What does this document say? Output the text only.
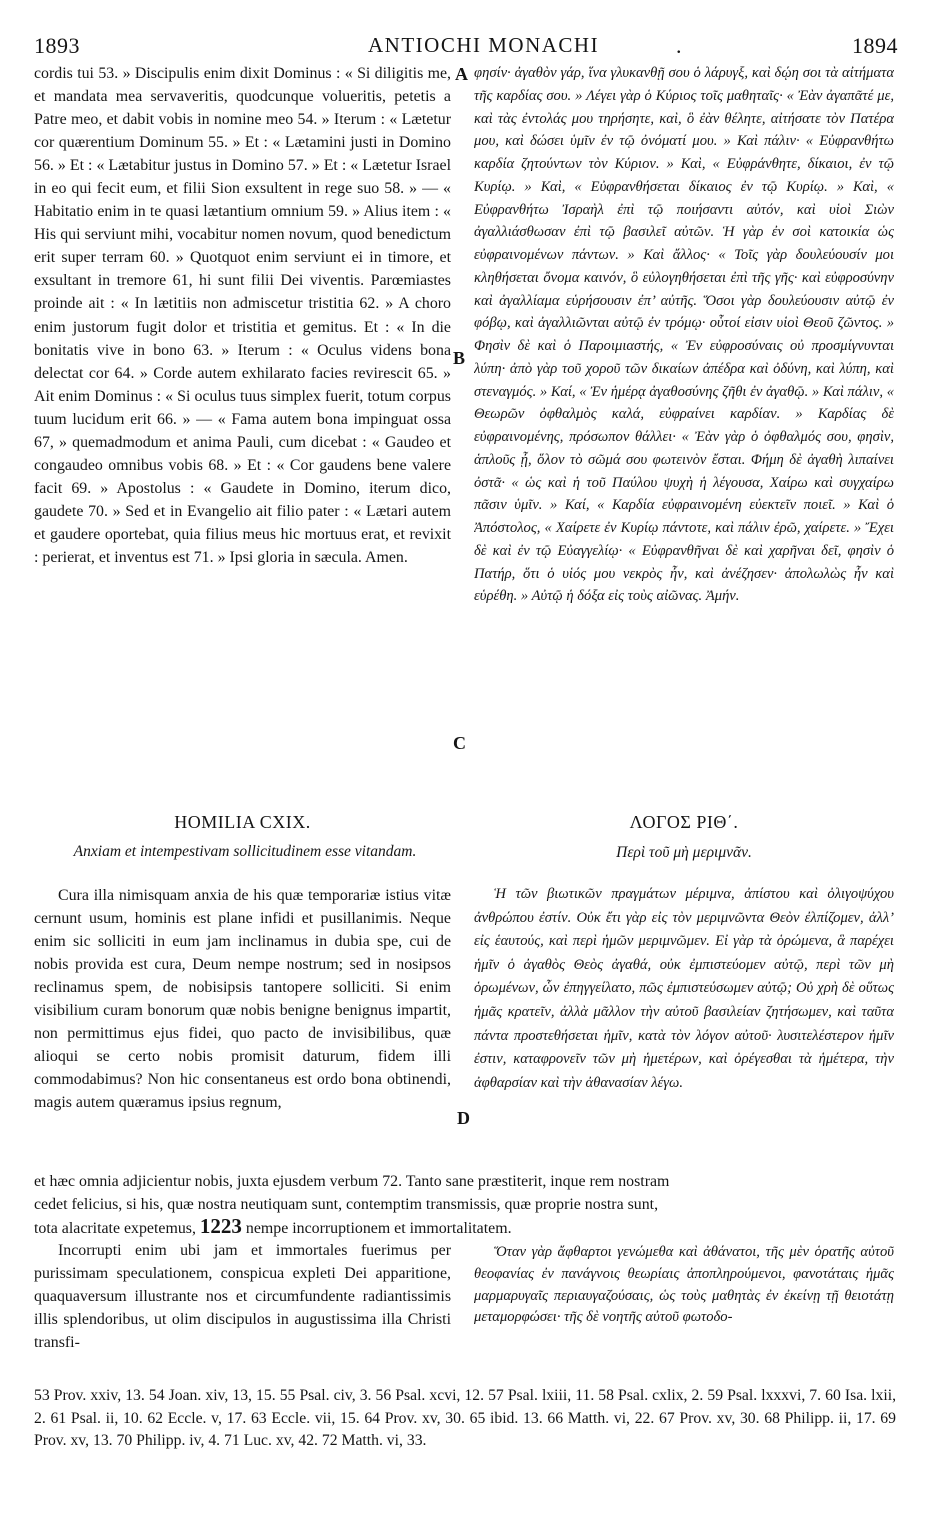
1893	ANTIOCHI MONACHI	.	1894
cordis tui 53. » Discipulis enim dixit Dominus : « Si diligitis me, et mandata mea servaveritis, quodcunque volueritis, petetis a Patre meo, et dabit vobis in nomine meo 54. » Iterum : « Lætetur cor quærentium Dominum 55. » Et : « Lætamini justi in Domino 56. » Et : « Lætabitur justus in Domino 57. » Et : « Lætetur Israel in eo qui fecit eum, et filii Sion exsultent in rege suo 58. » — « Habitatio enim in te quasi lætantium omnium 59. » Alius item : « His qui serviunt mihi, vocabitur nomen novum, quod benedictum erit super terram 60. » Quotquot enim serviunt ei in timore, et exsultant in tremore 61, hi sunt filii Dei viventis. Parœmiastes proinde ait : « In lætitiis non admiscetur tristitia 62. » A choro enim justorum fugit dolor et tristitia et gemitus. Et : « In die bonitatis vive in bono 63. » Iterum : « Oculus videns bona delectat cor 64. » Corde autem exhilarato facies revirescit 65. » Ait enim Dominus : « Si oculus tuus simplex fuerit, totum corpus tuum lucidum erit 66. » — « Fama autem bona impinguat ossa 67, » quemadmodum et anima Pauli, cum dicebat : « Gaudeo et congaudeo omnibus vobis 68. » Et : « Cor gaudens bene valere facit 69. » Apostolus : « Gaudete in Domino, iterum dico, gaudete 70. » Sed et in Evangelio ait filio pater : « Lætari autem et gaudere oportebat, quia filius meus hic mortuus erat, et revixit : perierat, et inventus est 71. » Ipsi gloria in sæcula. Amen.
A
B
C
D
φησίν· ἀγαθὸν γάρ, ἵνα γλυκανθῇ σου ὁ λάρυγξ, καὶ δῴη σοι τὰ αἰτήματα τῆς καρδίας σου. » Λέγει γὰρ ὁ Κύριος τοῖς μαθηταῖς· « Ἐὰν ἀγαπᾶτέ με, καὶ τὰς ἐντολάς μου τηρήσητε, καὶ, ὃ ἐὰν θέλητε, αἰτήσατε τὸν Πατέρα μου, καὶ δώσει ὑμῖν ἐν τῷ ὀνόματί μου. » Καὶ πάλιν· « Εὐφρανθήτω καρδία ζητούντων τὸν Κύριον. » Καὶ, « Εὐφράνθητε, δίκαιοι, ἐν τῷ Κυρίῳ. » Καὶ, « Εὐφρανθήσεται δίκαιος ἐν τῷ Κυρίῳ. » Καὶ, « Εὐφρανθήτω Ἰσραὴλ ἐπὶ τῷ ποιήσαντι αὐτόν, καὶ υἱοὶ Σιὼν ἀγαλλιάσθωσαν ἐπὶ τῷ βασιλεῖ αὐτῶν. Ἡ γὰρ ἐν σοὶ κατοικία ὡς εὐφραινομένων πάντων. » Καὶ ἄλλος· « Τοῖς γὰρ δουλεύουσίν μοι κληθήσεται ὄνομα καινόν, ὃ εὐλογηθήσεται ἐπὶ τῆς γῆς· καὶ εὐφροσύνην καὶ ἀγαλλίαμα εὑρήσουσιν ἐπ’ αὐτῆς. Ὅσοι γὰρ δουλεύουσιν αὐτῷ ἐν φόβῳ, καὶ ἀγαλλιῶνται αὐτῷ ἐν τρόμῳ· οὗτοί εἰσιν υἱοὶ Θεοῦ ζῶντος. » Φησὶν δὲ καὶ ὁ Παροιμιαστής, « Ἐν εὐφροσύναις οὐ προσμίγνυνται λύπη· ἀπὸ γὰρ τοῦ χοροῦ τῶν δικαίων ἀπέδρα καὶ ὀδύνη, καὶ λύπη, καὶ στεναγμός. » Καί, « Ἐν ἡμέρᾳ ἀγαθοσύνης ζῆθι ἐν ἀγαθῷ. » Καὶ πάλιν, « Θεωρῶν ὀφθαλμὸς καλά, εὐφραίνει καρδίαν. » Καρδίας δὲ εὐφραινομένης, πρόσωπον θάλλει· « Ἐὰν γὰρ ὁ ὀφθαλμός σου, φησὶν, ἁπλοῦς ᾖ, ὅλον τὸ σῶμά σου φωτεινὸν ἔσται. Φήμη δὲ ἀγαθὴ λιπαίνει ὀστᾶ· « ὡς καὶ ἡ τοῦ Παύλου ψυχὴ ἡ λέγουσα, Χαίρω καὶ συγχαίρω πᾶσιν ὑμῖν. » Καί, « Καρδία εὐφραινομένη εὐεκτεῖν ποιεῖ. » Καὶ ὁ Ἀπόστολος, « Χαίρετε ἐν Κυρίῳ πάντοτε, καὶ πάλιν ἐρῶ, χαίρετε. » Ἔχει δὲ καὶ ἐν τῷ Εὐαγγελίῳ· « Εὐφρανθῆναι δὲ καὶ χαρῆναι δεῖ, φησὶν ὁ Πατήρ, ὅτι ὁ υἱός μου νεκρὸς ἦν, καὶ ἀνέζησεν· ἀπολωλὼς ἦν καὶ εὑρέθη. » Αὐτῷ ἡ δόξα εἰς τοὺς αἰῶνας. Ἀμήν.
HOMILIA CXIX.
Anxiam et intempestivam sollicitudinem esse vitandam.
ΛΟΓΟΣ ΡΙΘ΄.
Περὶ τοῦ μὴ μεριμνᾶν.
Cura illa nimisquam anxia de his quæ temporariæ istius vitæ cernunt usum, hominis est plane infidi et pusillanimis. Neque enim sic solliciti in eum jam inclinamus in dubia spe, cui de nobis provida est cura, Deum nempe nostrum; sed in nosipsos reclinamus spem, de nobisipsis tantopere solliciti. Si enim visibilium curam bonorum quæ nobis benigne benignus impartit, non permittimus ejus fidei, quo pacto de invisibilibus, quæ alioqui se certo nobis promisit daturum, fidem illi commodabimus? Non hic consentaneus est ordo bona obtinendi, magis autem quæramus ipsius regnum,
Ἡ τῶν βιωτικῶν πραγμάτων μέριμνα, ἀπίστου καὶ ὀλιγοψύχου ἀνθρώπου ἐστίν. Οὐκ ἔτι γὰρ εἰς τὸν μεριμνῶντα Θεὸν ἐλπίζομεν, ἀλλ’ εἰς ἑαυτούς, καὶ περὶ ἡμῶν μεριμνῶμεν. Εἰ γὰρ τὰ ὁρώμενα, ἃ παρέχει ἡμῖν ὁ ἀγαθὸς Θεὸς ἀγαθά, οὐκ ἐμπιστεύομεν αὐτῷ, περὶ τῶν μὴ ὁρωμένων, ὧν ἐπηγγείλατο, πῶς ἐμπιστεύσωμεν αὐτῷ; Οὐ χρὴ δὲ οὕτως ἡμᾶς κρατεῖν, ἀλλὰ μᾶλλον τὴν αὐτοῦ βασιλείαν ζητήσωμεν, καὶ ταῦτα πάντα προστεθήσεται ἡμῖν, κατὰ τὸν λόγον αὐτοῦ· λυσιτελέστερον ἡμῖν ἐστιν, καταφρονεῖν τῶν μὴ ἡμετέρων, καὶ ὀρέγεσθαι τὰ ἡμέτερα, τὴν ἀφθαρσίαν καὶ τὴν ἀθανασίαν λέγω.
et hæc omnia adjicientur nobis, juxta ejusdem verbum 72. Tanto sane præstiterit, inque rem nostram
cedet felicius, si his, quæ nostra neutiquam sunt, contemptim transmissis, quæ proprie nostra sunt,
tota alacritate expetemus, 1223 nempe incorruptionem et immortalitatem.
Incorrupti enim ubi jam et immortales fuerimus per purissimam speculationem, conspicua expleti Dei apparitione, quaquaversum illustrante nos et circumfundente radiantissimis illis splendoribus, ut olim discipulos in augustissima illa Christi transfi-
Ὅταν γὰρ ἄφθαρτοι γενώμεθα καὶ ἀθάνατοι, τῆς μὲν ὁρατῆς αὐτοῦ θεοφανίας ἐν πανάγνοις θεωρίαις ἀποπληρούμενοι, φανοτάταις ἡμᾶς μαρμαρυγαῖς περιαυγαζούσαις, ὡς τοὺς μαθητὰς ἐν ἐκείνῃ τῇ θειοτάτῃ μεταμορφώσει· τῆς δὲ νοητῆς αὐτοῦ φωτοδο-
53 Prov. xxiv, 13. 54 Joan. xiv, 13, 15. 55 Psal. civ, 3. 56 Psal. xcvi, 12. 57 Psal. lxiii, 11. 58 Psal. cxlix, 2. 59 Psal. lxxxvi, 7. 60 Isa. lxii, 2. 61 Psal. ii, 10. 62 Eccle. v, 17. 63 Eccle. vii, 15. 64 Prov. xv, 30. 65 ibid. 13. 66 Matth. vi, 22. 67 Prov. xv, 30. 68 Philipp. ii, 17. 69 Prov. xv, 13. 70 Philipp. iv, 4. 71 Luc. xv, 42. 72 Matth. vi, 33.
